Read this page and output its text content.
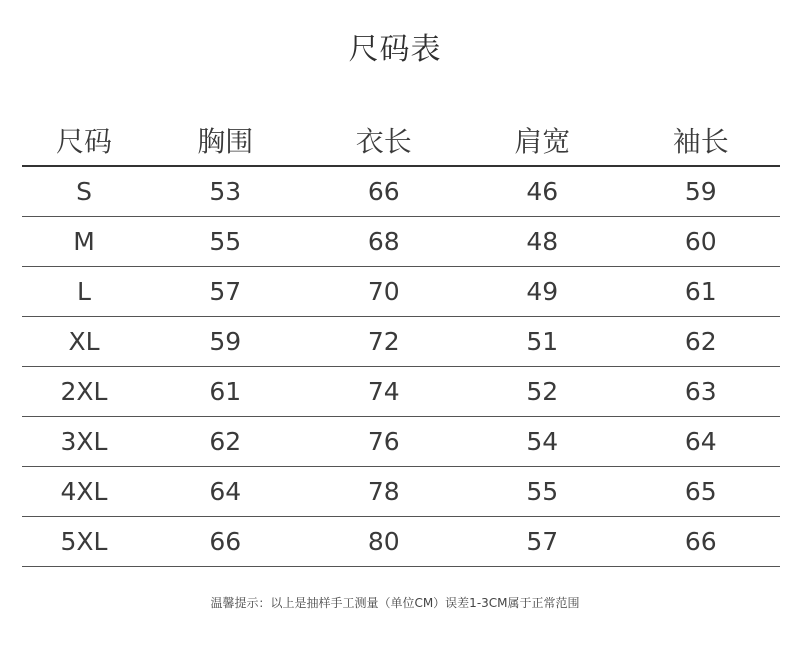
尺码表
尺码	胸围	衣长	肩宽	袖长
S	53	66	46	59
M	55	68	48	60
L	57	70	49	61
XL	59	72	51	62
2XL	61	74	52	63
3XL	62	76	54	64
4XL	64	78	55	65
5XL	66	80	57	66
温馨提示：以上是抽样手工测量（单位CM）误差1-3CM属于正常范围
